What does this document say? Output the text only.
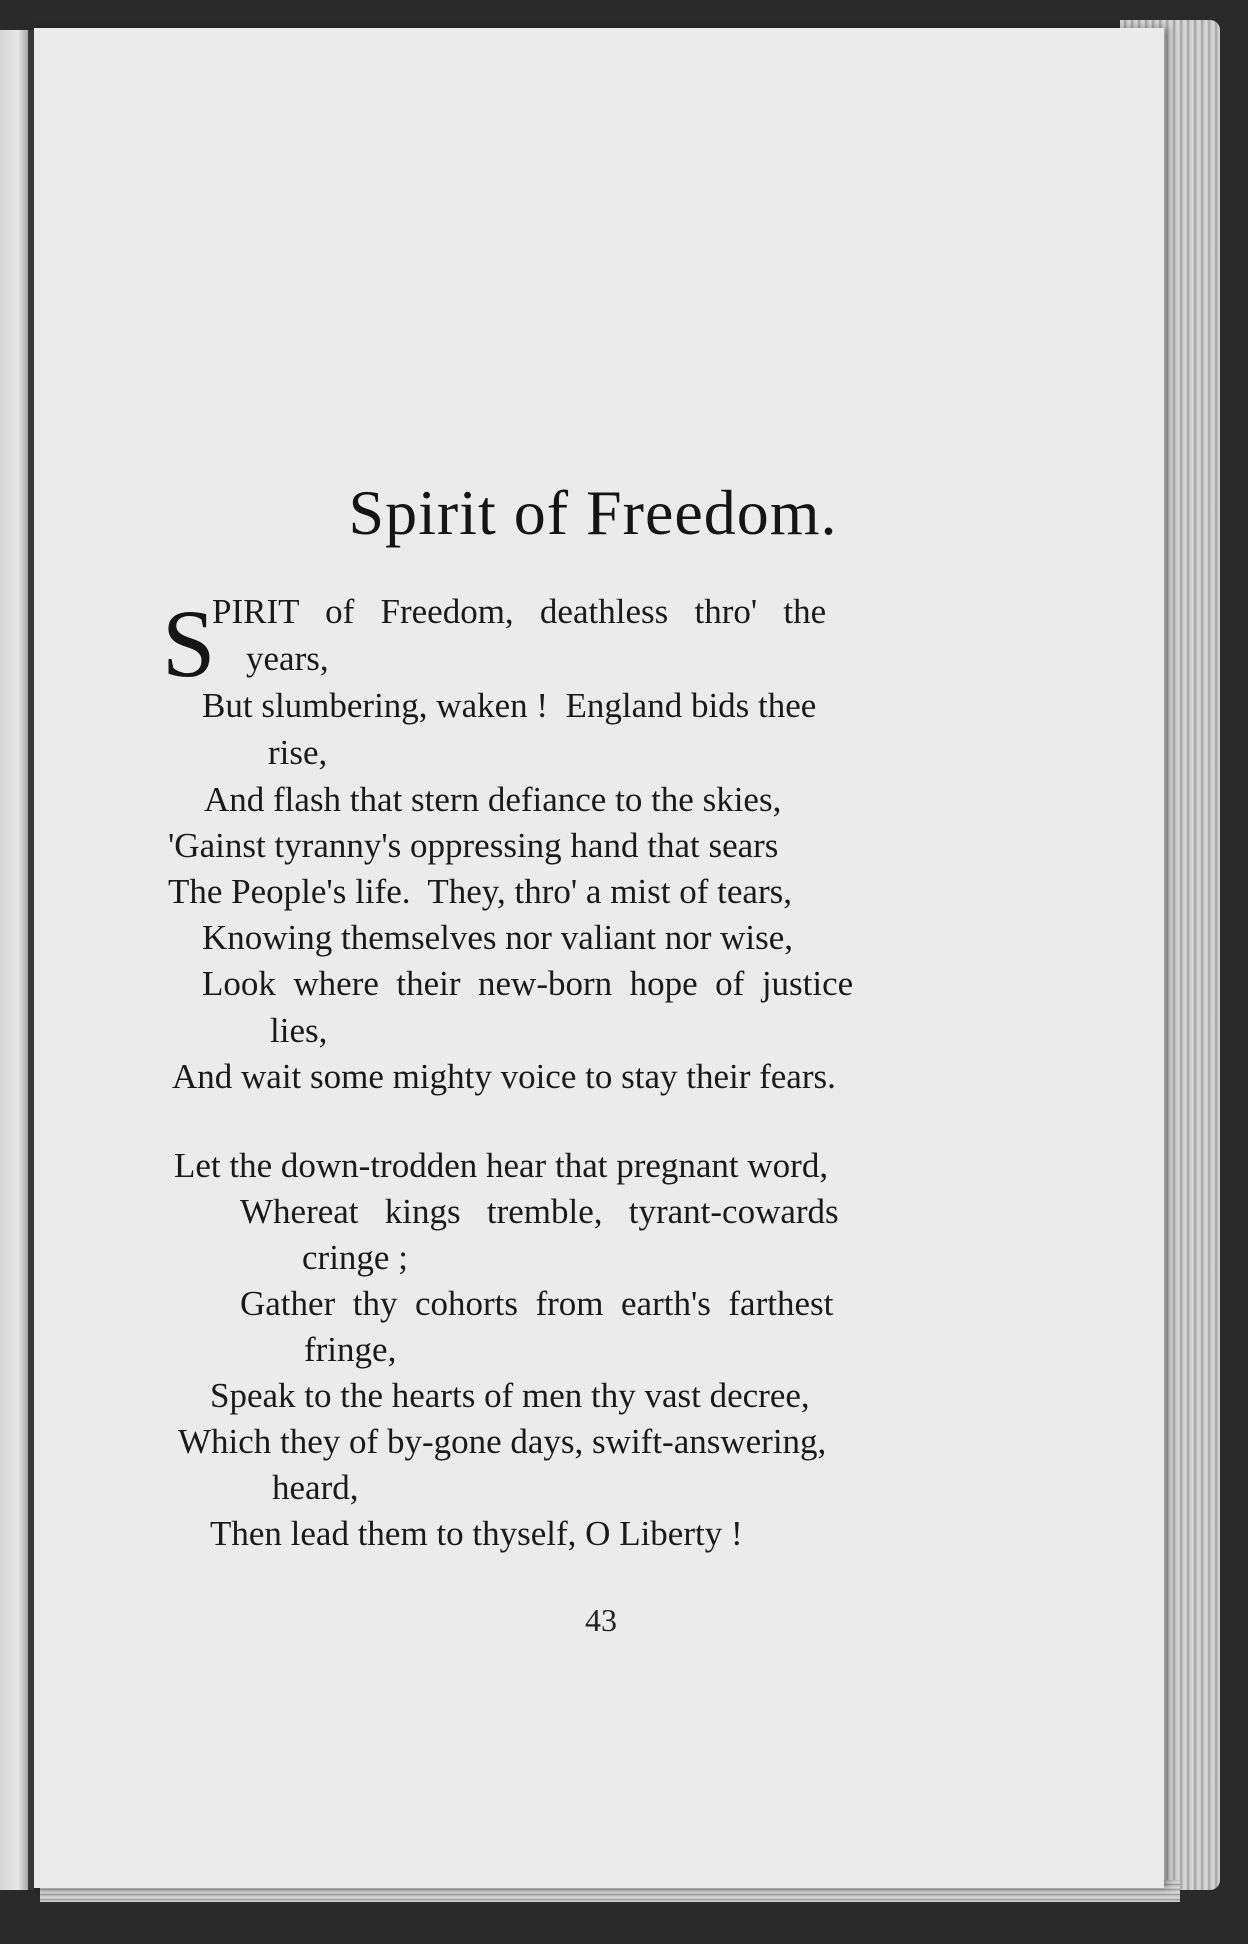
Spirit of Freedom.
S
PIRIT   of   Freedom,   deathless   thro'   the
years,
But slumbering, waken !  England bids thee
rise,
And flash that stern defiance to the skies,
'Gainst tyranny's oppressing hand that sears
The People's life.  They, thro' a mist of tears,
Knowing themselves nor valiant nor wise,
Look  where  their  new-born  hope  of  justice
lies,
And wait some mighty voice to stay their fears.
Let the down-trodden hear that pregnant word,
Whereat   kings   tremble,   tyrant-cowards
cringe ;
Gather  thy  cohorts  from  earth's  farthest
fringe,
Speak to the hearts of men thy vast decree,
Which they of by-gone days, swift-answering,
heard,
Then lead them to thyself, O Liberty !
43
